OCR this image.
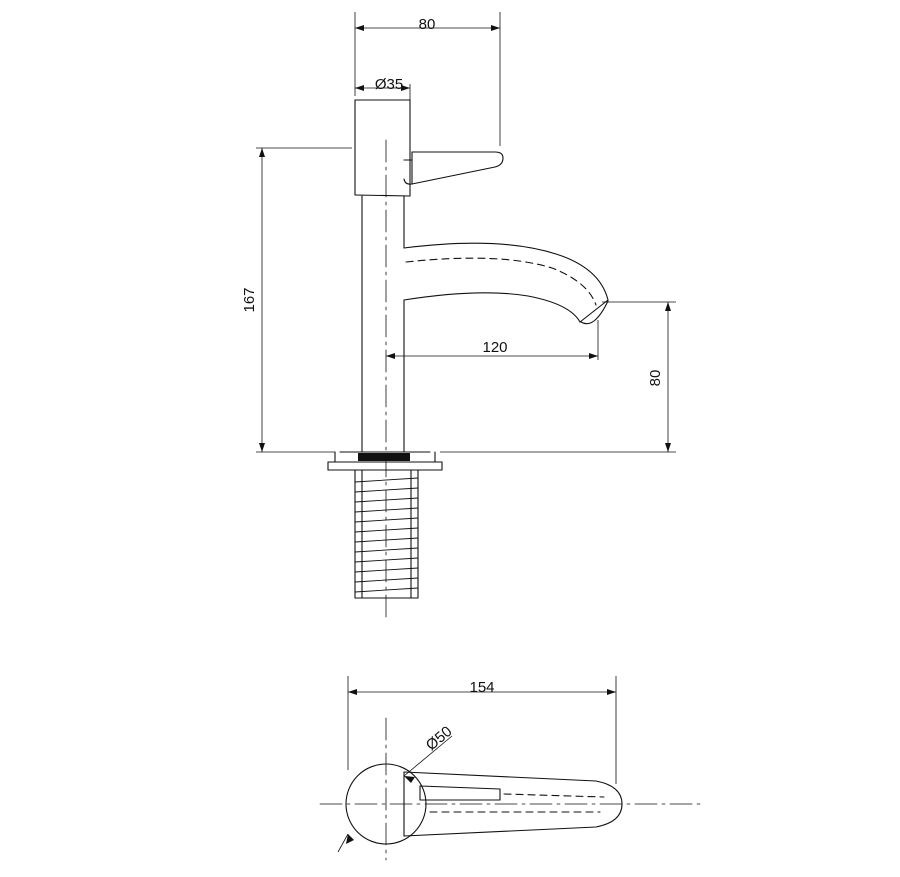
80
Ø35
167
120
80
154
Ø50
